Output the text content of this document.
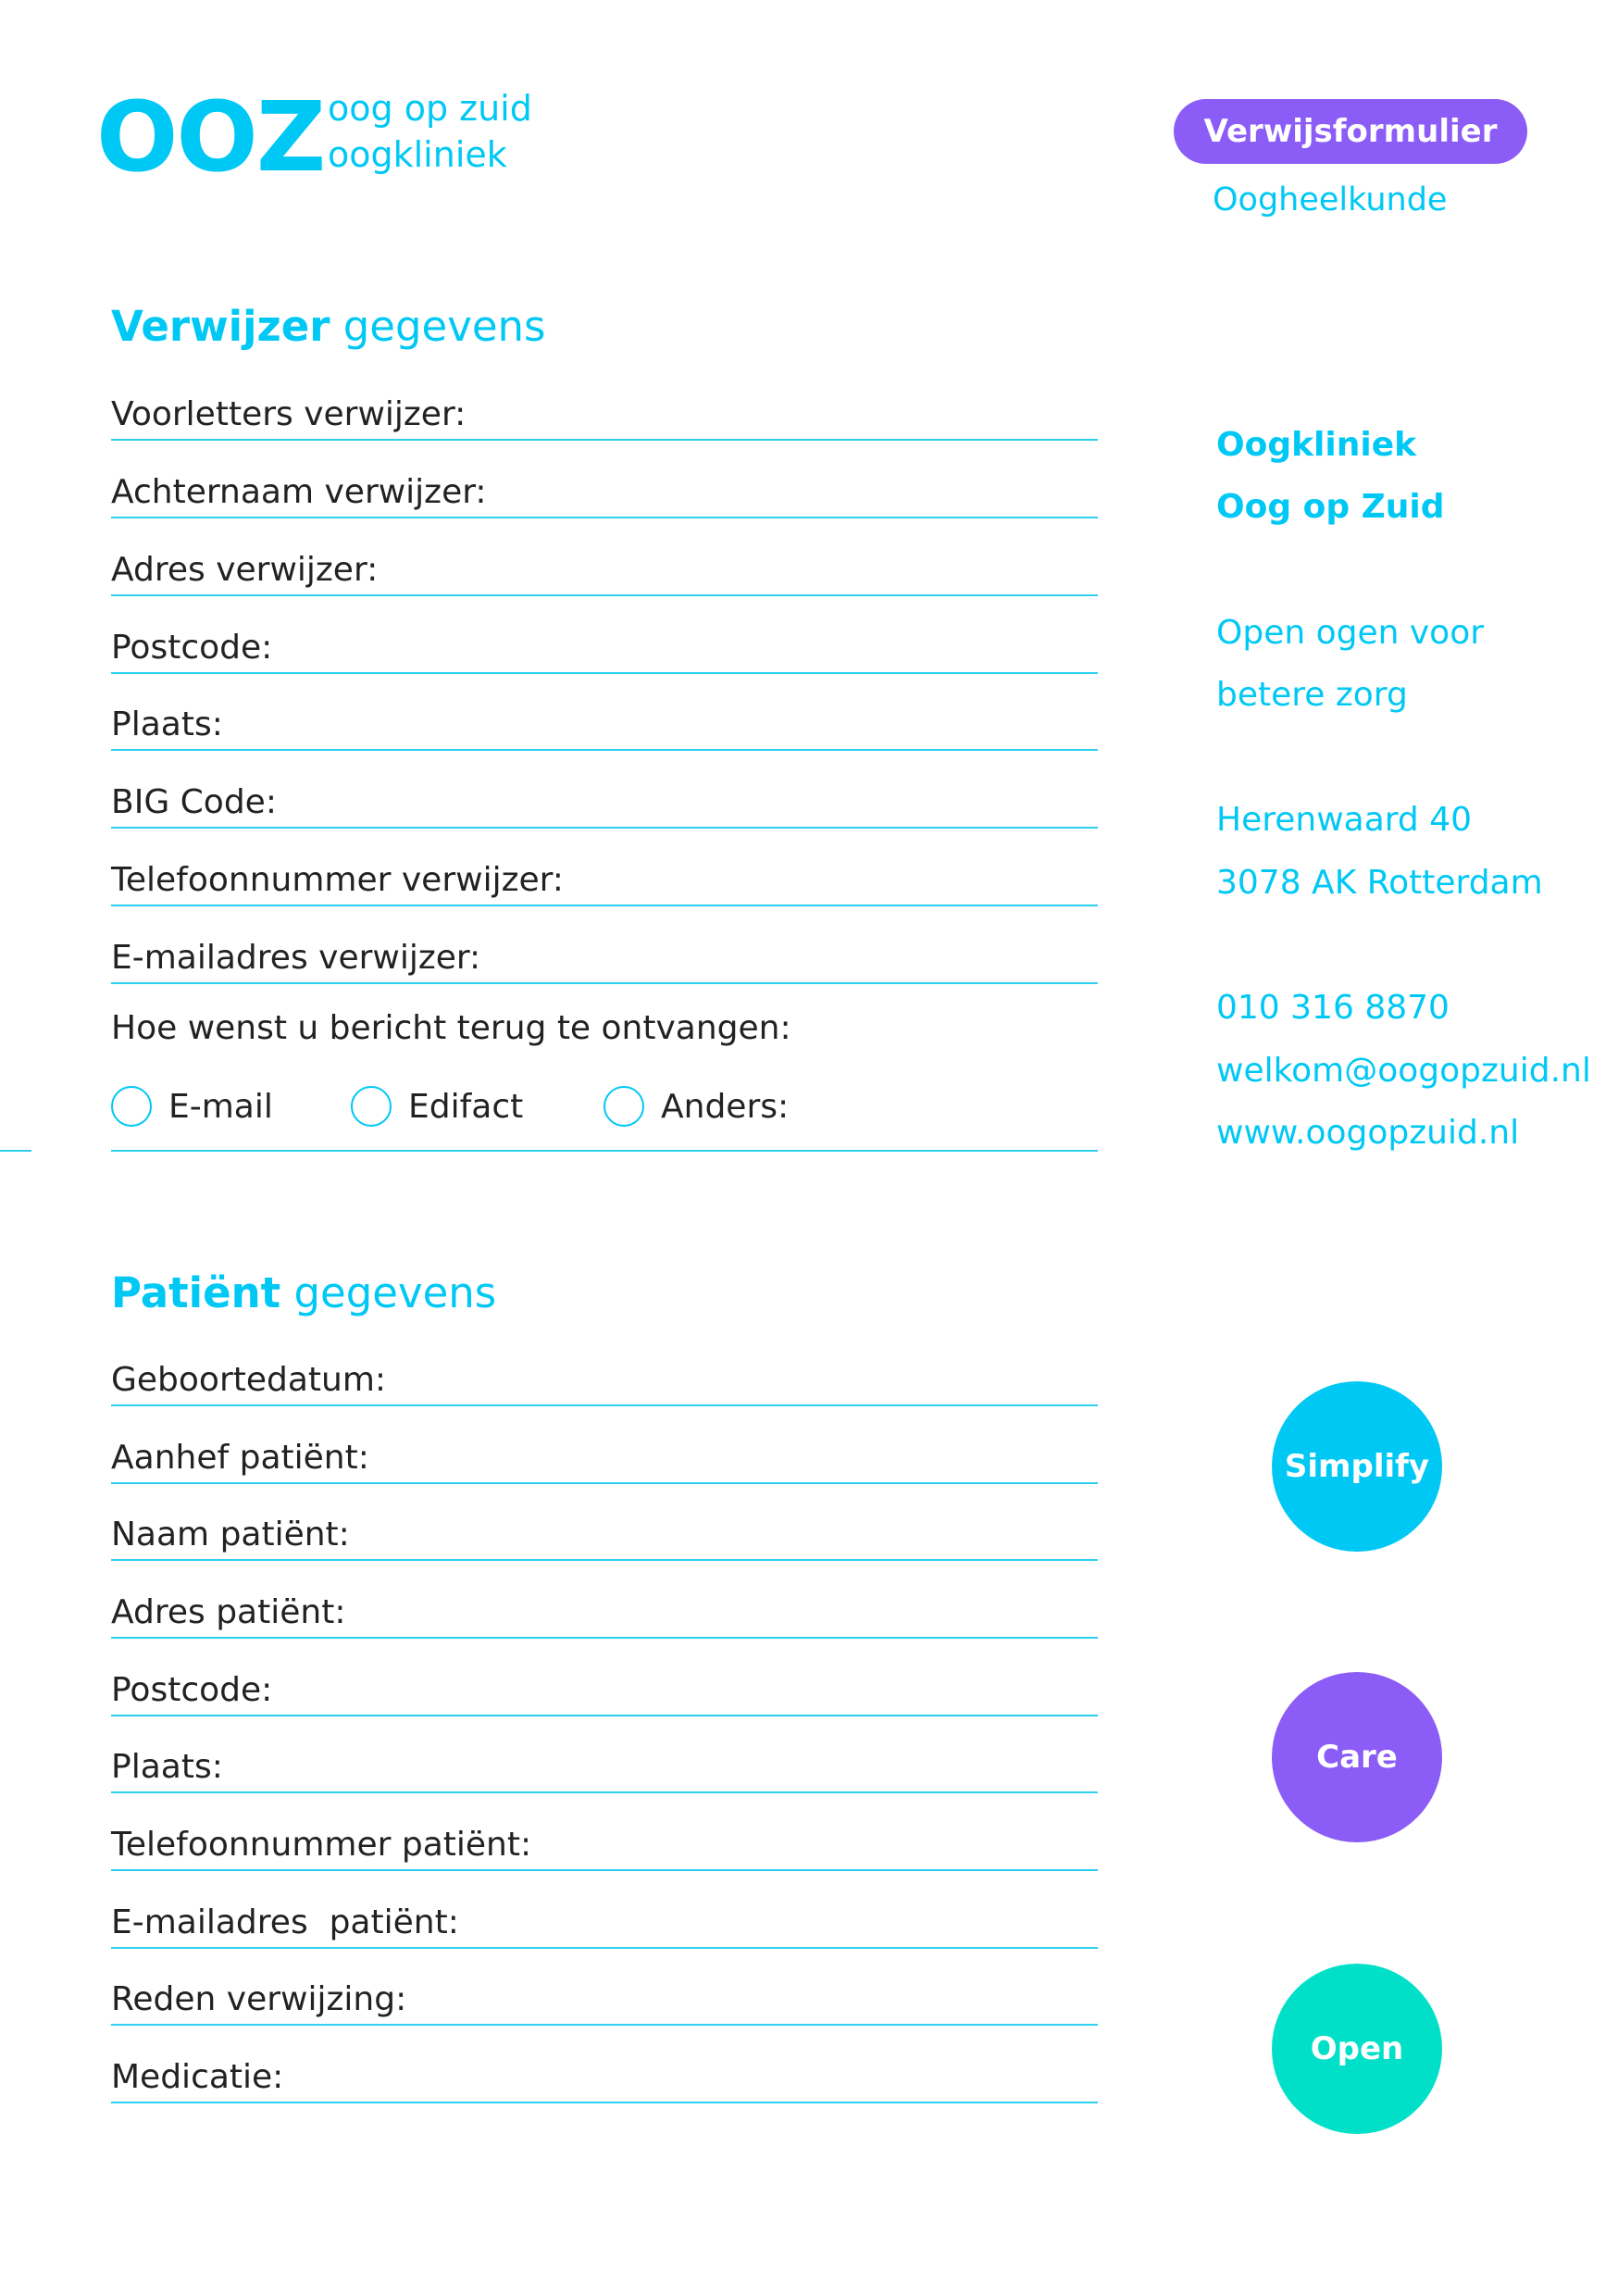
OOZ oog op zuid
oogkliniek
Verwijsformulier
Oogheelkunde
Verwijzer gegevens
Voorletters verwijzer:
Achternaam verwijzer:
Adres verwijzer:
Postcode:
Plaats:
BIG Code:
Telefoonnummer verwijzer:
E-mailadres verwijzer:
Hoe wenst u bericht terug te ontvangen:
E-mail	Edifact	Anders:
Patiënt gegevens
Geboortedatum:
Aanhef patiënt:
Naam patiënt:
Adres patiënt:
Postcode:
Plaats:
Telefoonnummer patiënt:
E-mailadres  patiënt:
Reden verwijzing:
Medicatie:
Oogkliniek
Oog op Zuid
Open ogen voor
betere zorg
Herenwaard 40
3078 AK Rotterdam
010 316 8870
welkom@oogopzuid.nl
www.oogopzuid.nl
Simplify
Care
Open
